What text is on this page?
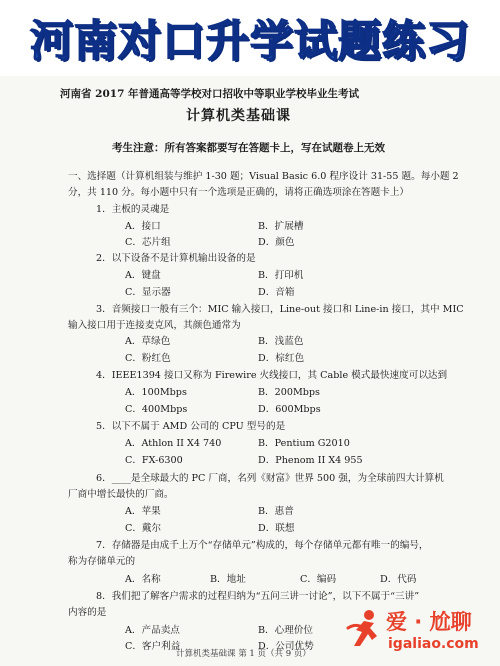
河南对口升学试题练习
河南省 2017 年普通高等学校对口招收中等职业学校毕业生考试
计算机类基础课
考生注意：所有答案都要写在答题卡上，写在试题卷上无效
一、选择题（计算机组装与维护 1-30 题；Visual Basic 6.0 程序设计 31-55 题。每小题 2
分，共 110 分。每小题中只有一个选项是正确的，请将正确选项涂在答题卡上）
1．主板的灵魂是
A．接口	B．扩展槽
C．芯片组	D．颜色
2．以下设备不是计算机输出设备的是
A．键盘	B．打印机
C．显示器	D．音箱
3．音频接口一般有三个：MIC 输入接口，Line-out 接口和 Line-in 接口，其中 MIC
输入接口用于连接麦克风，其颜色通常为
A．草绿色	B．浅蓝色
C．粉红色	D．棕红色
4．IEEE1394 接口又称为 Firewire 火线接口，其 Cable 模式最快速度可以达到
A．100Mbps	B．200Mbps
C．400Mbps	D．600Mbps
5．以下不属于 AMD 公司的 CPU 型号的是
A．Athlon II X4 740	B．Pentium G2010
C．FX-6300	D．Phenom II X4 955
6．____是全球最大的 PC 厂商，名列《财富》世界 500 强，为全球前四大计算机
厂商中增长最快的厂商。
A．苹果	B．惠普
C．戴尔	D．联想
7．存储器是由成千上万个“存储单元”构成的，每个存储单元都有唯一的编号，
称为存储单元的
A．名称	B．地址	C．编码	D．代码
8．我们把了解客户需求的过程归纳为“五问三讲一讨论”，以下不属于“三讲”
内容的是
A．产品卖点	B．心理价位
C．客户利益	D．公司优势
计算机类基础课 第 1 页（共 9 页）
爱 · 尬聊
igaliao.com
